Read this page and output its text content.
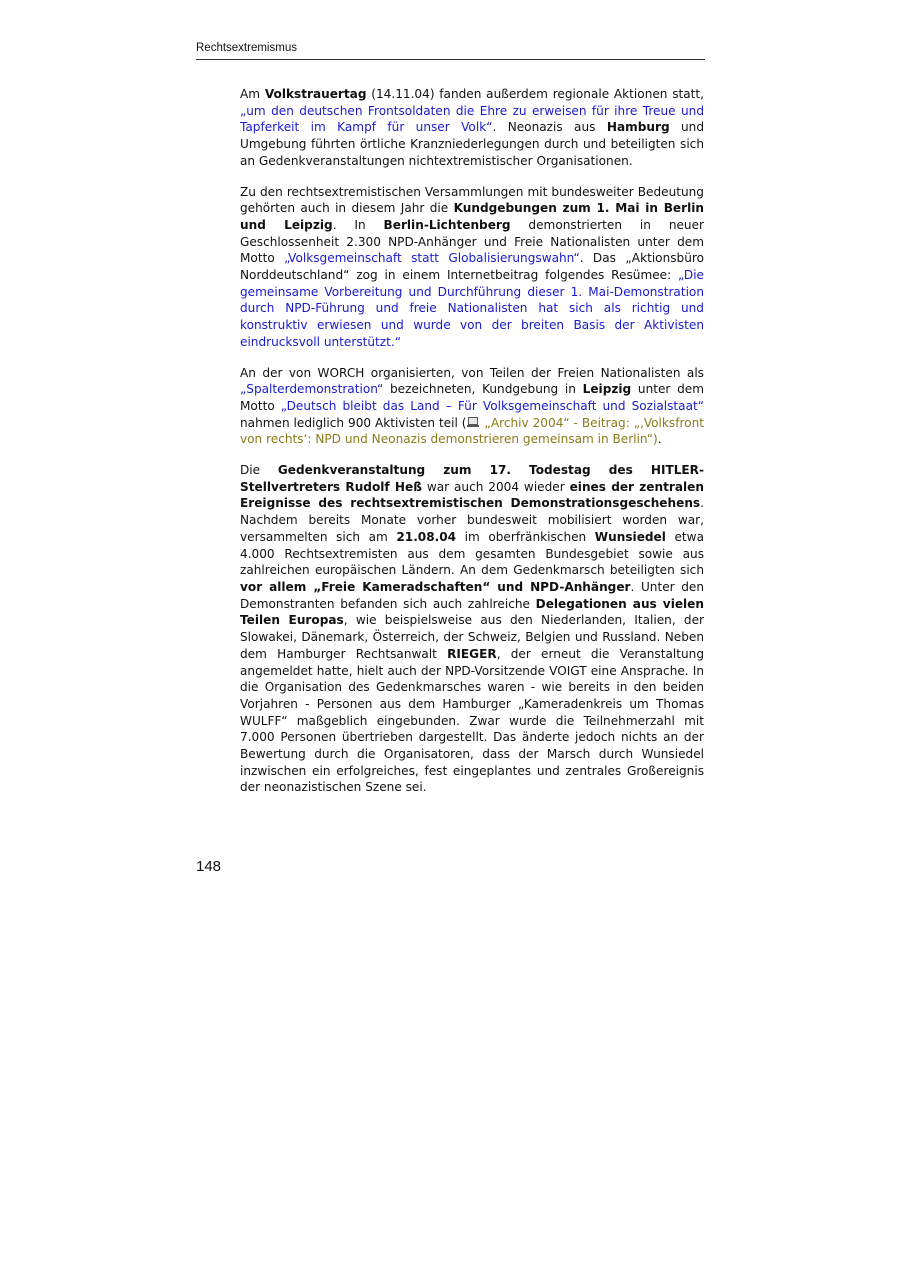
Rechtsextremismus

Am Volkstrauertag (14.11.04) fanden außerdem regionale Aktionen statt, „um den deutschen Frontsoldaten die Ehre zu erweisen für ihre Treue und Tapferkeit im Kampf für unser Volk“. Neonazis aus Hamburg und Umgebung führten örtliche Kranzniederlegungen durch und beteiligten sich an Gedenkveranstaltungen nichtextremistischer Organisationen.

Zu den rechtsextremistischen Versammlungen mit bundesweiter Bedeutung gehörten auch in diesem Jahr die Kundgebungen zum 1. Mai in Berlin und Leipzig. In Berlin-Lichtenberg demonstrierten in neuer Geschlossenheit 2.300 NPD-Anhänger und Freie Nationalisten unter dem Motto „Volksgemeinschaft statt Globalisierungswahn“. Das „Aktionsbüro Norddeutschland“ zog in einem Internetbeitrag folgendes Resümee: „Die gemeinsame Vorbereitung und Durchführung dieser 1. Mai-Demonstration durch NPD-Führung und freie Nationalisten hat sich als richtig und konstruktiv erwiesen und wurde von der breiten Basis der Aktivisten eindrucksvoll unterstützt.“

An der von WORCH organisierten, von Teilen der Freien Nationalisten als „Spalterdemonstration“ bezeichneten, Kundgebung in Leipzig unter dem Motto „Deutsch bleibt das Land – Für Volksgemeinschaft und Sozialstaat“ nahmen lediglich 900 Aktivisten teil (
„Archiv 2004“ - Beitrag: „‚Volksfront von rechts‘: NPD und Neonazis demonstrieren gemeinsam in Berlin“).

Die Gedenkveranstaltung zum 17. Todestag des HITLER-Stellvertreters Rudolf Heß war auch 2004 wieder eines der zentralen Ereignisse des rechtsextremistischen Demonstrationsgeschehens. Nachdem bereits Monate vorher bundesweit mobilisiert worden war, versammelten sich am 21.08.04 im oberfränkischen Wunsiedel etwa 4.000 Rechtsextremisten aus dem gesamten Bundesgebiet sowie aus zahlreichen europäischen Ländern. An dem Gedenkmarsch beteiligten sich vor allem „Freie Kameradschaften“ und NPD-Anhänger. Unter den Demonstranten befanden sich auch zahlreiche Delegationen aus vielen Teilen Europas, wie beispielsweise aus den Niederlanden, Italien, der Slowakei, Dänemark, Österreich, der Schweiz, Belgien und Russland. Neben dem Hamburger Rechtsanwalt RIEGER, der erneut die Veranstaltung angemeldet hatte, hielt auch der NPD-Vorsitzende VOIGT eine Ansprache. In die Organisation des Gedenkmarsches waren - wie bereits in den beiden Vorjahren - Personen aus dem Hamburger „Kameradenkreis um Thomas WULFF“ maßgeblich eingebunden. Zwar wurde die Teilnehmerzahl mit 7.000 Personen übertrieben dargestellt. Das änderte jedoch nichts an der Bewertung durch die Organisatoren, dass der Marsch durch Wunsiedel inzwischen ein erfolgreiches, fest eingeplantes und zentrales Großereignis der neonazistischen Szene sei.

148
